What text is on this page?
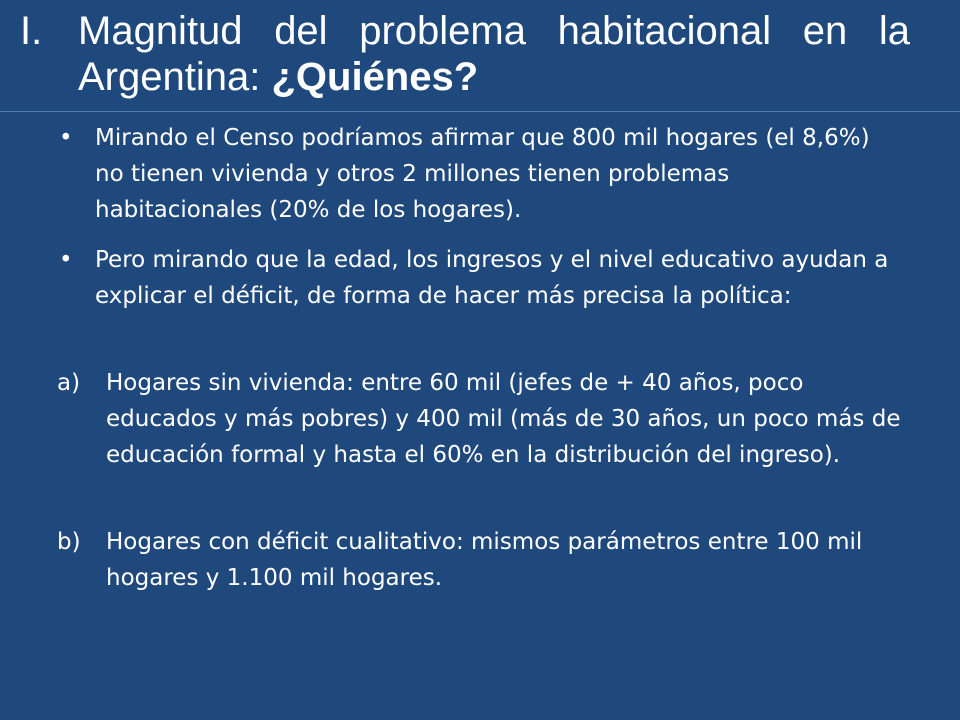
I. Magnitud del problema habitacional en la Argentina: ¿Quiénes?
• Mirando el Censo podríamos afirmar que 800 mil hogares (el 8,6%) no tienen vivienda y otros 2 millones tienen problemas habitacionales (20% de los hogares).
• Pero mirando que la edad, los ingresos y el nivel educativo ayudan a explicar el déficit, de forma de hacer más precisa la política:
a) Hogares sin vivienda: entre 60 mil (jefes de + 40 años, poco educados y más pobres) y 400 mil (más de 30 años, un poco más de educación formal y hasta el 60% en la distribución del ingreso).
b) Hogares con déficit cualitativo: mismos parámetros entre 100 mil hogares y 1.100 mil hogares.
